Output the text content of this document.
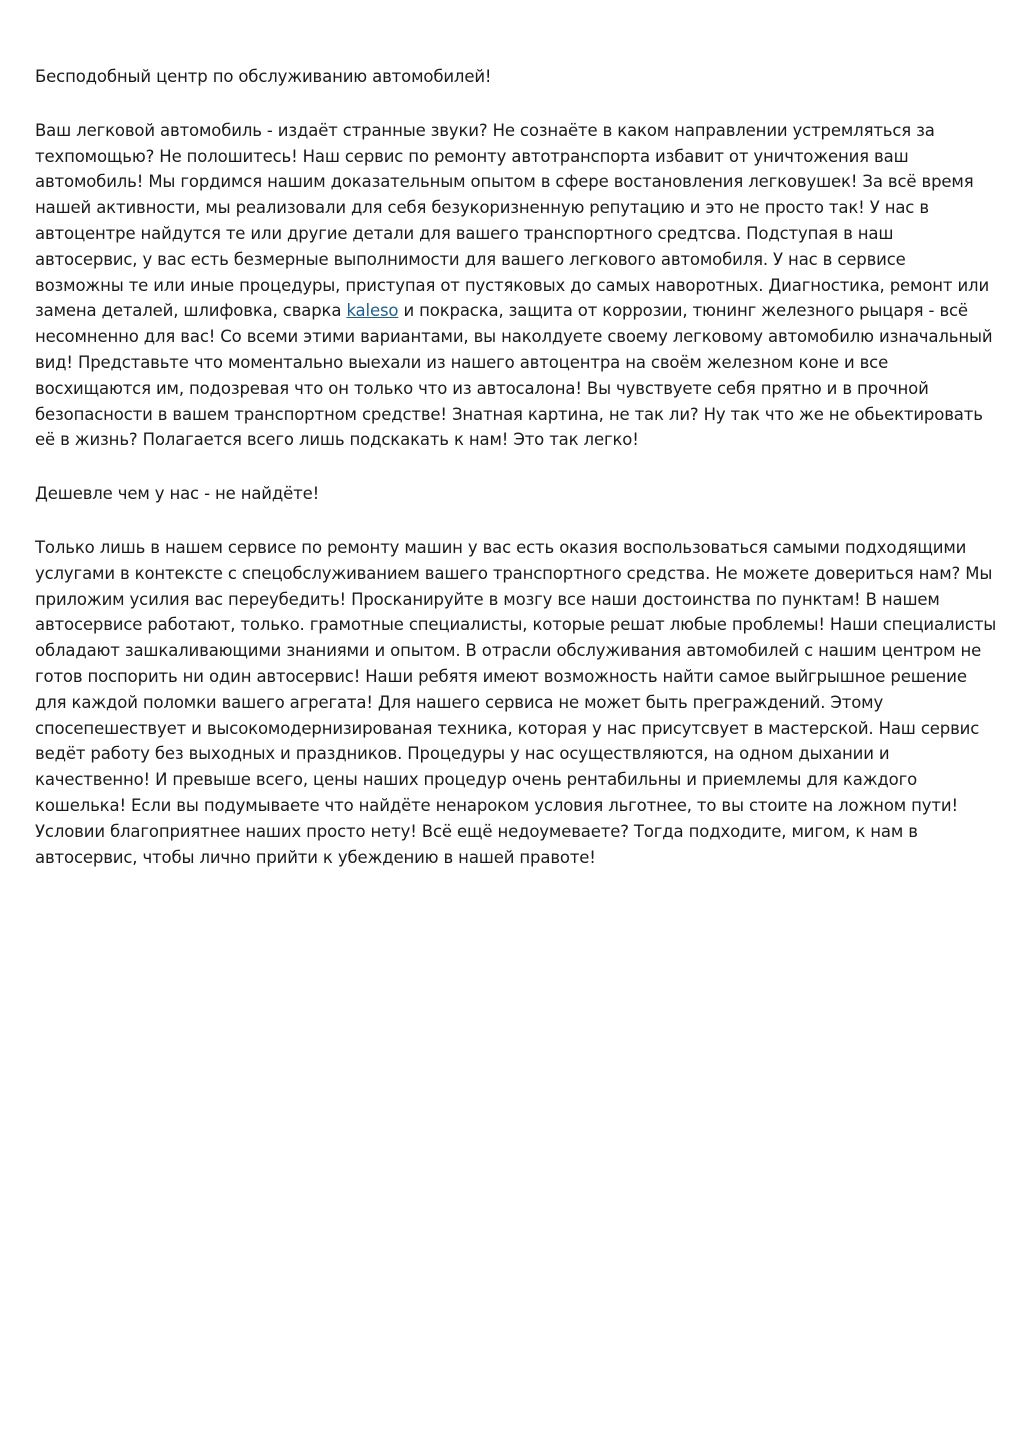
Бесподобный центр по обслуживанию автомобилей!

Ваш легковой автомобиль - издаёт странные звуки? Не сознаёте в каком направлении устремляться за техпомощью? Не полошитесь! Наш сервис по ремонту автотранспорта избавит от уничтожения ваш автомобиль! Мы гордимся нашим доказательным опытом в сфере востановления легковушек! За всё время нашей активности, мы реализовали для себя безукоризненную репутацию и это не просто так! У нас в автоцентре найдутся те или другие детали для вашего транспортного средтсва. Подступая в наш автосервис, у вас есть безмерные выполнимости для вашего легкового автомобиля. У нас в сервисе возможны те или иные процедуры, приступая от пустяковых до самых наворотных. Диагностика, ремонт или замена деталей, шлифовка, сварка kaleso и покраска, защита от коррозии, тюнинг железного рыцаря - всё несомненно для вас! Со всеми этими вариантами, вы наколдуете своему легковому автомобилю изначальный вид! Представьте что моментально выехали из нашего автоцентра на своём железном коне и все восхищаются им, подозревая что он только что из автосалона! Вы чувствуете себя прятно и в прочной безопасности в вашем транспортном средстве! Знатная картина, не так ли? Ну так что же не обьектировать её в жизнь? Полагается всего лишь подскакать к нам! Это так легко!

Дешевле чем у нас - не найдёте!

Только лишь в нашем сервисе по ремонту машин у вас есть оказия воспользоваться самыми подходящими услугами в контексте с спецобслуживанием вашего транспортного средства. Не можете довериться нам? Мы приложим усилия вас переубедить! Просканируйте в мозгу все наши достоинства по пунктам! В нашем автосервисе работают, только. грамотные специалисты, которые решат любые проблемы! Наши специалисты обладают зашкаливающими знаниями и опытом. В отрасли обслуживания автомобилей с нашим центром не готов поспорить ни один автосервис! Наши ребятя имеют возможность найти самое выйгрышное решение для каждой поломки вашего агрегата! Для нашего сервиса не может быть преграждений. Этому спосепешествует и высокомодернизированая техника, которая у нас присутсвует в мастерской. Наш сервис ведёт работу без выходных и праздников. Процедуры у нас осуществляются, на одном дыхании и качественно! И превыше всего, цены наших процедур очень рентабильны и приемлемы для каждого кошелька! Если вы подумываете что найдёте ненароком условия льготнее, то вы стоите на ложном пути! Условии благоприятнее наших просто нету! Всё ещё недоумеваете? Тогда подходите, мигом, к нам в автосервис, чтобы лично прийти к убеждению в нашей правоте!
